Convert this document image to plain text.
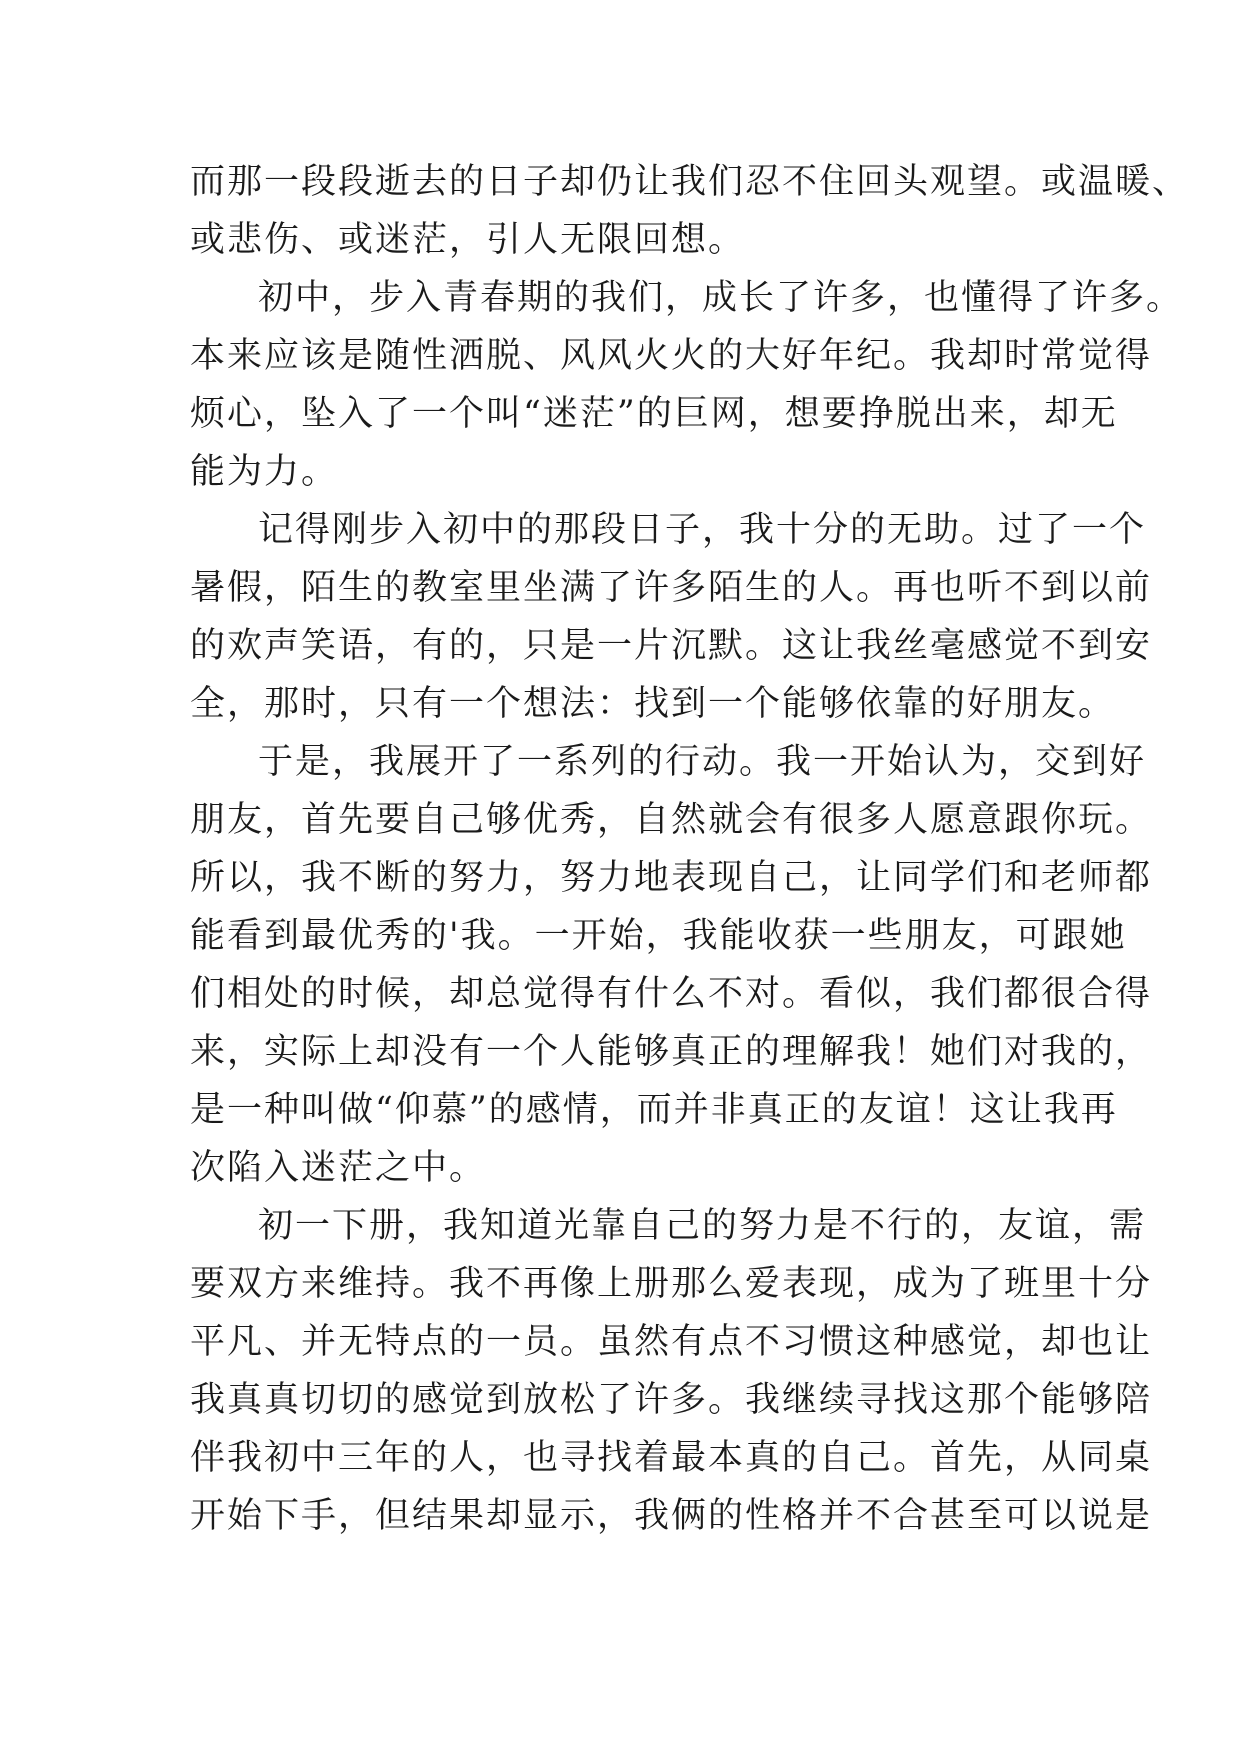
而那一段段逝去的日子却仍让我们忍不住回头观望。或温暖、
或悲伤、或迷茫，引人无限回想。
初中，步入青春期的我们，成长了许多，也懂得了许多。
本来应该是随性洒脱、风风火火的大好年纪。我却时常觉得
烦心，坠入了一个叫“迷茫”的巨网，想要挣脱出来，却无
能为力。
记得刚步入初中的那段日子，我十分的无助。过了一个
暑假，陌生的教室里坐满了许多陌生的人。再也听不到以前
的欢声笑语，有的，只是一片沉默。这让我丝毫感觉不到安
全，那时，只有一个想法：找到一个能够依靠的好朋友。
于是，我展开了一系列的行动。我一开始认为，交到好
朋友，首先要自己够优秀，自然就会有很多人愿意跟你玩。
所以，我不断的努力，努力地表现自己，让同学们和老师都
能看到最优秀的'我。一开始，我能收获一些朋友，可跟她
们相处的时候，却总觉得有什么不对。看似，我们都很合得
来，实际上却没有一个人能够真正的理解我！她们对我的，
是一种叫做“仰慕”的感情，而并非真正的友谊！这让我再
次陷入迷茫之中。
初一下册，我知道光靠自己的努力是不行的，友谊，需
要双方来维持。我不再像上册那么爱表现，成为了班里十分
平凡、并无特点的一员。虽然有点不习惯这种感觉，却也让
我真真切切的感觉到放松了许多。我继续寻找这那个能够陪
伴我初中三年的人，也寻找着最本真的自己。首先，从同桌
开始下手，但结果却显示，我俩的性格并不合甚至可以说是
